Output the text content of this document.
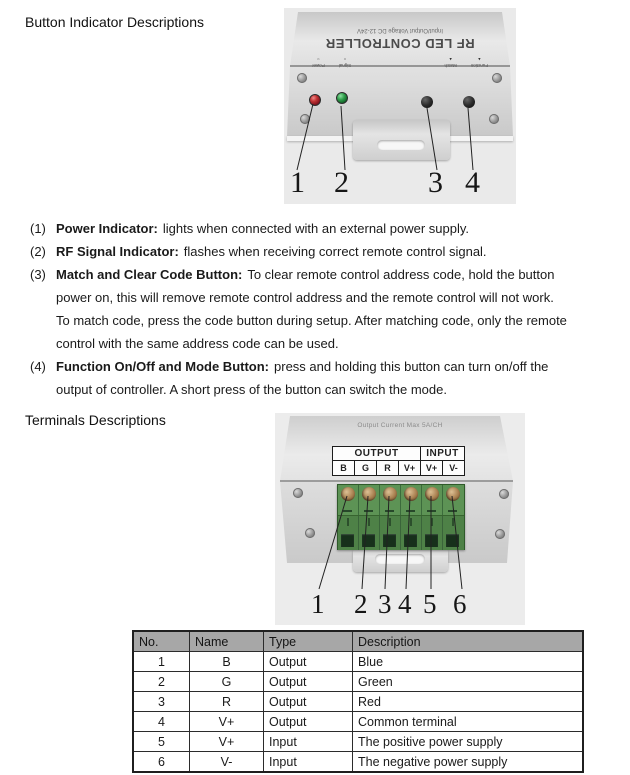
Button Indicator Descriptions
Function
▲
Match
▲
Signal
○
Power
○
RF LED CONTROLLER
Input/Output Voltage DC 12-24V
1 2	3 4
(1) Power Indicator: lights when connected with an external power supply.
(2) RF Signal Indicator: flashes when receiving correct remote control signal.
(3) Match and Clear Code Button: To clear remote control address code, hold the button
power on, this will remove remote control address and the remote control will not work.
To match code, press the code button during setup. After matching code, only the remote
control with the same address code can be used.
(4) Function On/Off and Mode Button: press and holding this button can turn on/off the
output of controller. A short press of the button can switch the mode.
Terminals Descriptions	Output Current Max 5A/CH
OUTPUT				INPUT	
B	G	R	V+	V+	V-
1 2 3 4 5 6
No.	Name	Type	Description
1	B	Output	Blue
2	G	Output	Green
3	R	Output	Red
4	V+	Output	Common terminal
5	V+	Input	The positive power supply
6	V-	Input	The negative power supply
